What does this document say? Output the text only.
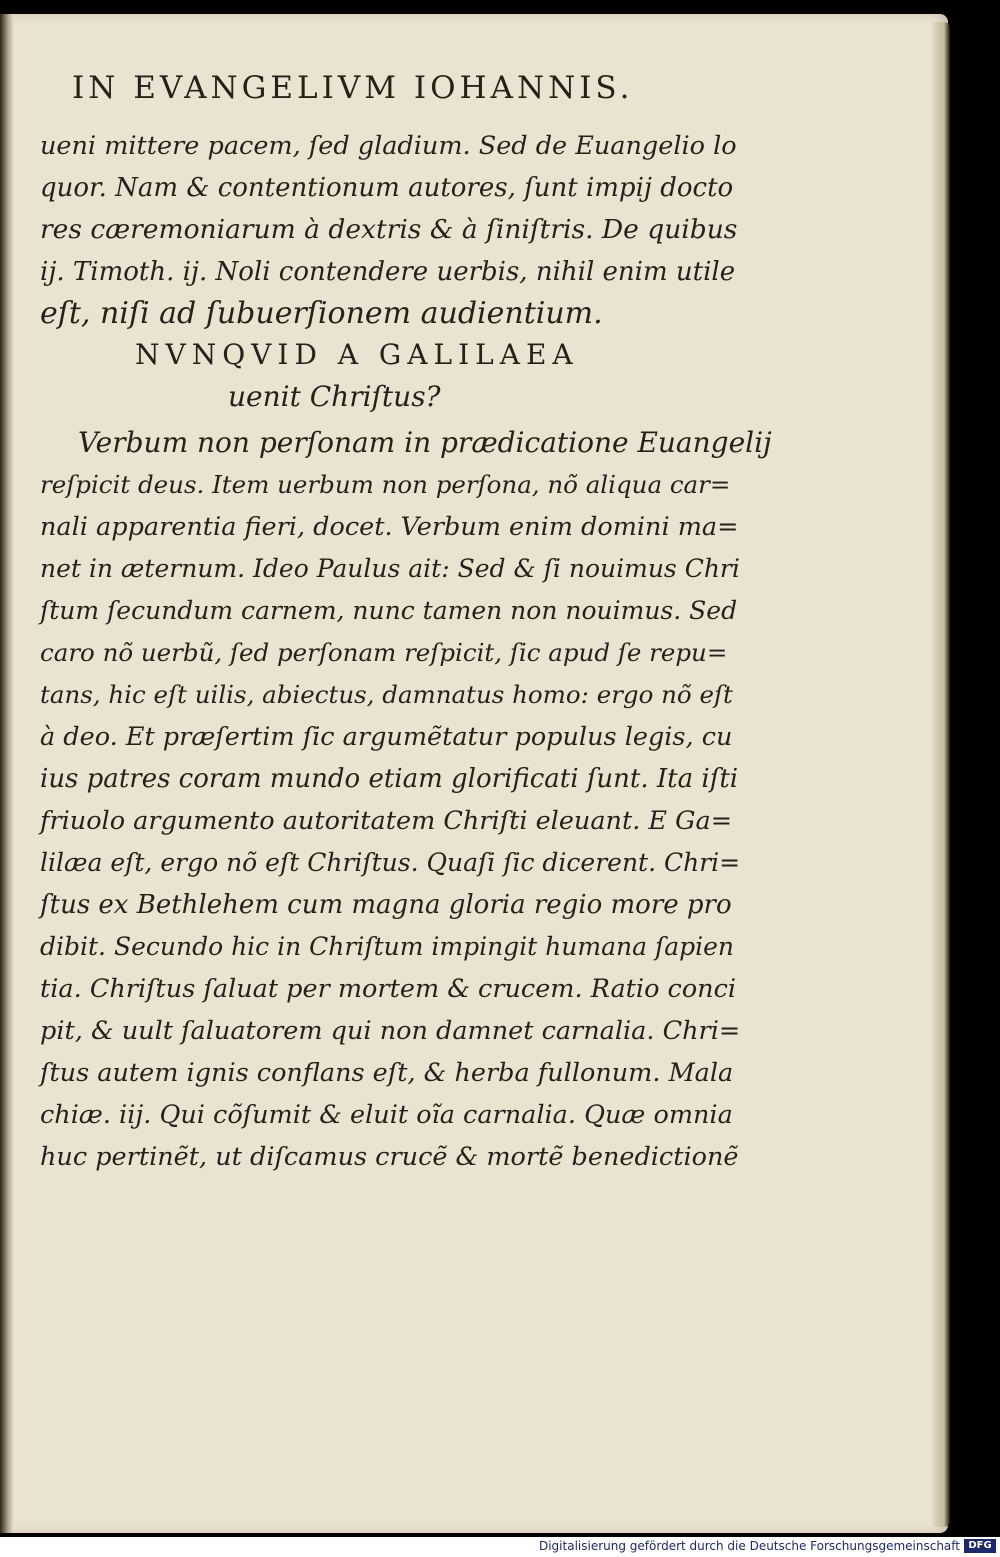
IN EVANGELIVM IOHANNIS.
ueni mittere pacem, ſed gladium. Sed de Euangelio lo
quor. Nam & contentionum autores, ſunt impij docto
res cæremoniarum à dextris & à ſiniſtris. De quibus
ij. Timoth. ij. Noli contendere uerbis, nihil enim utile
eſt, niſi ad ſubuerſionem audientium.
NVNQVID A GALILAEA
uenit Chriſtus?
Verbum non perſonam in prædicatione Euangelij
reſpicit deus. Item uerbum non perſona, nõ aliqua car=
nali apparentia fieri, docet. Verbum enim domini ma=
net in æternum. Ideo Paulus ait: Sed & ſi nouimus Chri
ſtum ſecundum carnem, nunc tamen non nouimus. Sed
caro nõ uerbũ, ſed perſonam reſpicit, ſic apud ſe repu=
tans, hic eſt uilis, abiectus, damnatus homo: ergo nõ eſt
à deo. Et præſertim ſic argumẽtatur populus legis, cu
ius patres coram mundo etiam glorificati ſunt. Ita iſti
friuolo argumento autoritatem Chriſti eleuant. E Ga=
lilæa eſt, ergo nõ eſt Chriſtus. Quaſi ſic dicerent. Chri=
ſtus ex Bethlehem cum magna gloria regio more pro
dibit. Secundo hic in Chriſtum impingit humana ſapien
tia. Chriſtus ſaluat per mortem & crucem. Ratio conci
pit, & uult ſaluatorem qui non damnet carnalia. Chri=
ſtus autem ignis conflans eſt, & herba fullonum. Mala
chiæ. iij. Qui cõſumit & eluit oĩa carnalia. Quæ omnia
huc pertinẽt, ut diſcamus crucẽ & mortẽ benedictionẽ
Digitalisierung gefördert durch die Deutsche Forschungsgemeinschaft DFG
